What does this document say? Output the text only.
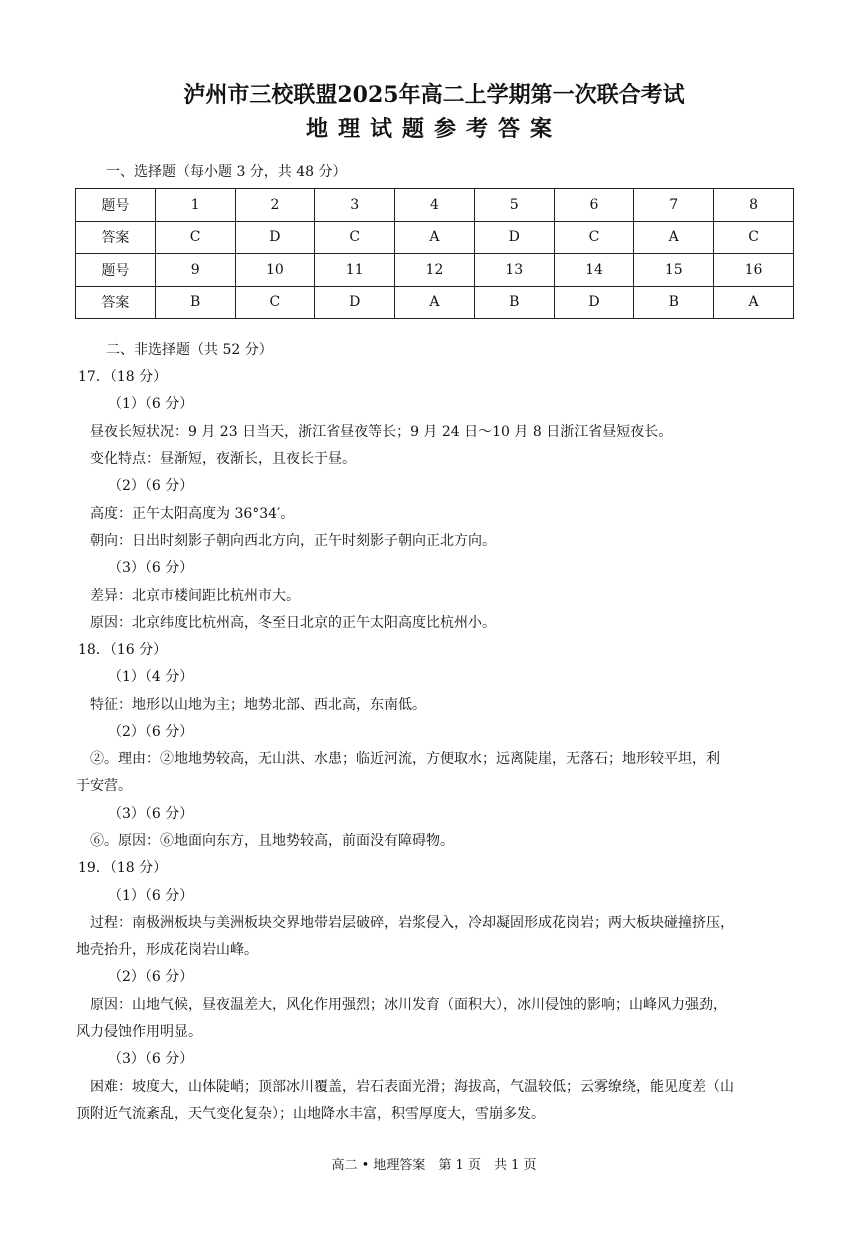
泸州市三校联盟2025年高二上学期第一次联合考试
地理试题参考答案
一、选择题（每小题 3 分，共 48 分）
题号	1	2	3	4	5	6	7	8
答案	C	D	C	A	D	C	A	C
题号	9	10	11	12	13	14	15	16
答案	B	C	D	A	B	D	B	A
二、非选择题（共 52 分）
17．（18 分）
（1）（6 分）
昼夜长短状况：9 月 23 日当天，浙江省昼夜等长；9 月 24 日～10 月 8 日浙江省昼短夜长。
变化特点：昼渐短，夜渐长，且夜长于昼。
（2）（6 分）
高度：正午太阳高度为 36°34′。
朝向：日出时刻影子朝向西北方向，正午时刻影子朝向正北方向。
（3）（6 分）
差异：北京市楼间距比杭州市大。
原因：北京纬度比杭州高，冬至日北京的正午太阳高度比杭州小。
18．（16 分）
（1）（4 分）
特征：地形以山地为主；地势北部、西北高，东南低。
（2）（6 分）
②。理由：②地地势较高，无山洪、水患；临近河流，方便取水；远离陡崖，无落石；地形较平坦，利
于安营。
（3）（6 分）
⑥。原因：⑥地面向东方，且地势较高，前面没有障碍物。
19．（18 分）
（1）（6 分）
过程：南极洲板块与美洲板块交界地带岩层破碎，岩浆侵入，冷却凝固形成花岗岩；两大板块碰撞挤压，
地壳抬升，形成花岗岩山峰。
（2）（6 分）
原因：山地气候，昼夜温差大，风化作用强烈；冰川发育（面积大），冰川侵蚀的影响；山峰风力强劲，
风力侵蚀作用明显。
（3）（6 分）
困难：坡度大，山体陡峭；顶部冰川覆盖，岩石表面光滑；海拔高，气温较低；云雾缭绕，能见度差（山
顶附近气流紊乱，天气变化复杂）；山地降水丰富，积雪厚度大，雪崩多发。
高二 • 地理答案　第 1 页　共 1 页
